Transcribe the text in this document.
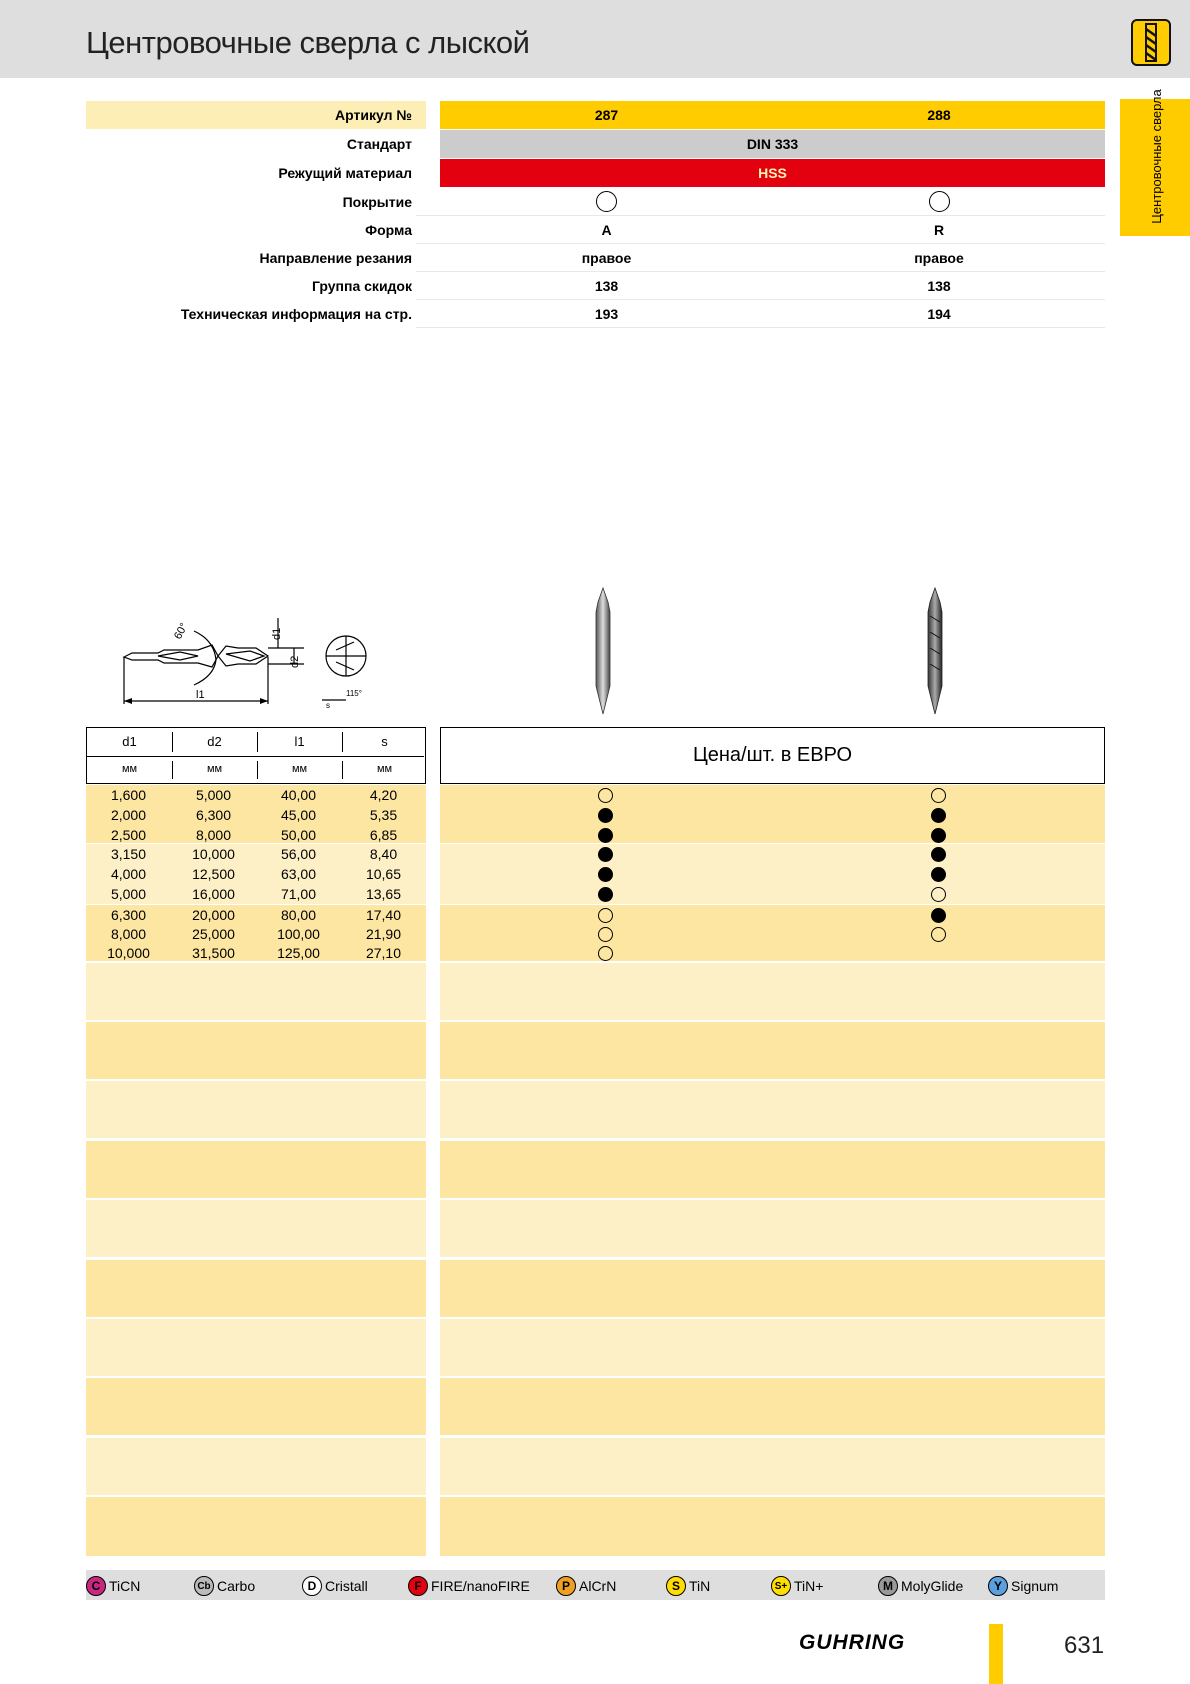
Центровочные сверла с лыской
Центровочные сверла
Артикул №	287	288
Стандарт	DIN 333
Режущий материал	HSS
Покрытие
Форма	A	R
Направление резания	правое	правое
Группа скидок	138	138
Техническая информация на стр.	193	194
60°	d1
d2
l1	115°
s
d1	d2	l1	s
мм	мм	мм	мм
Цена/шт. в ЕВРО
1,600	5,000	40,00	4,20
2,000	6,300	45,00	5,35
2,500	8,000	50,00	6,85
3,150	10,000	56,00	8,40
4,000	12,500	63,00	10,65
5,000	16,000	71,00	13,65
6,300	20,000	80,00	17,40
8,000	25,000	100,00	21,90
10,000	31,500	125,00	27,10
C TiCN	Cb Carbo	D Cristall	F FIRE/nanoFIRE	P AlCrN	S TiN	S+ TiN+	M MolyGlide	Y Signum
GUHRING	631
